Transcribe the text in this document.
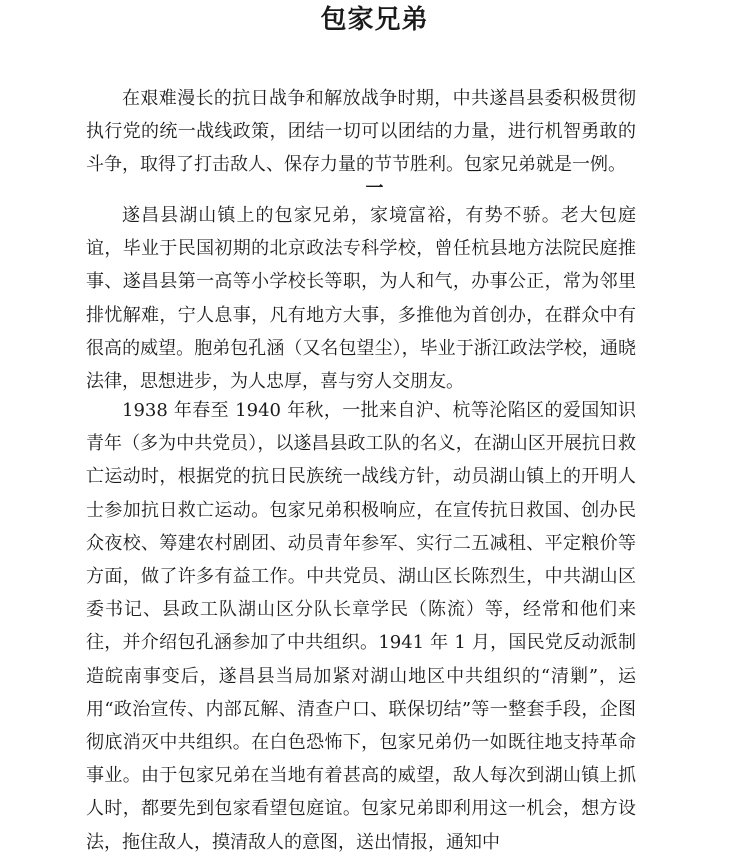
包家兄弟

在艰难漫长的抗日战争和解放战争时期，中共遂昌县委积极贯彻执行党的统一战线政策，团结一切可以团结的力量，进行机智勇敢的斗争，取得了打击敌人、保存力量的节节胜利。包家兄弟就是一例。

一

遂昌县湖山镇上的包家兄弟，家境富裕，有势不骄。老大包庭谊，毕业于民国初期的北京政法专科学校，曾任杭县地方法院民庭推事、遂昌县第一高等小学校长等职，为人和气，办事公正，常为邻里排忧解难，宁人息事，凡有地方大事，多推他为首创办，在群众中有很高的威望。胞弟包孔涵（又名包望尘），毕业于浙江政法学校，通晓法律，思想进步，为人忠厚，喜与穷人交朋友。

1938 年春至 1940 年秋，一批来自沪、杭等沦陷区的爱国知识青年（多为中共党员），以遂昌县政工队的名义，在湖山区开展抗日救亡运动时，根据党的抗日民族统一战线方针，动员湖山镇上的开明人士参加抗日救亡运动。包家兄弟积极响应，在宣传抗日救国、创办民众夜校、筹建农村剧团、动员青年参军、实行二五减租、平定粮价等方面，做了许多有益工作。中共党员、湖山区长陈烈生，中共湖山区委书记、县政工队湖山区分队长章学民（陈流）等，经常和他们来往，并介绍包孔涵参加了中共组织。1941 年 1 月，国民党反动派制造皖南事变后，遂昌县当局加紧对湖山地区中共组织的“清剿”，运用“政治宣传、内部瓦解、清查户口、联保切结”等一整套手段，企图彻底消灭中共组织。在白色恐怖下，包家兄弟仍一如既往地支持革命事业。由于包家兄弟在当地有着甚高的威望，敌人每次到湖山镇上抓人时，都要先到包家看望包庭谊。包家兄弟即利用这一机会，想方设法，拖住敌人，摸清敌人的意图，送出情报，通知中
